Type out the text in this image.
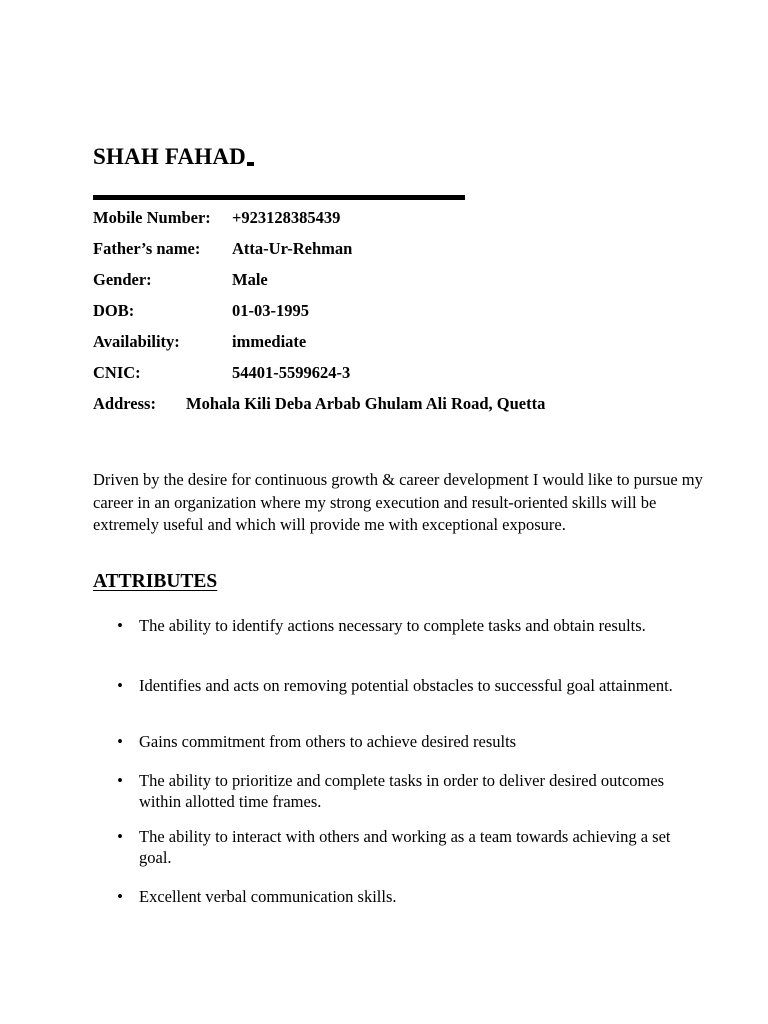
SHAH FAHAD
Mobile Number: +923128385439
Father’s name: Atta-Ur-Rehman
Gender:	Male
DOB:	01-03-1995
Availability:	immediate
CNIC:	54401-5599624-3
Address: Mohala Kili Deba Arbab Ghulam Ali Road, Quetta

Driven by the desire for continuous growth & career development I would like to pursue my career in an organization where my strong execution and result-oriented skills will be extremely useful and which will provide me with exceptional exposure.

ATTRIBUTES
• The ability to identify actions necessary to complete tasks and obtain results.
• Identifies and acts on removing potential obstacles to successful goal attainment.
• Gains commitment from others to achieve desired results
• The ability to prioritize and complete tasks in order to deliver desired outcomes within allotted time frames.
• The ability to interact with others and working as a team towards achieving a set goal.
• Excellent verbal communication skills.
